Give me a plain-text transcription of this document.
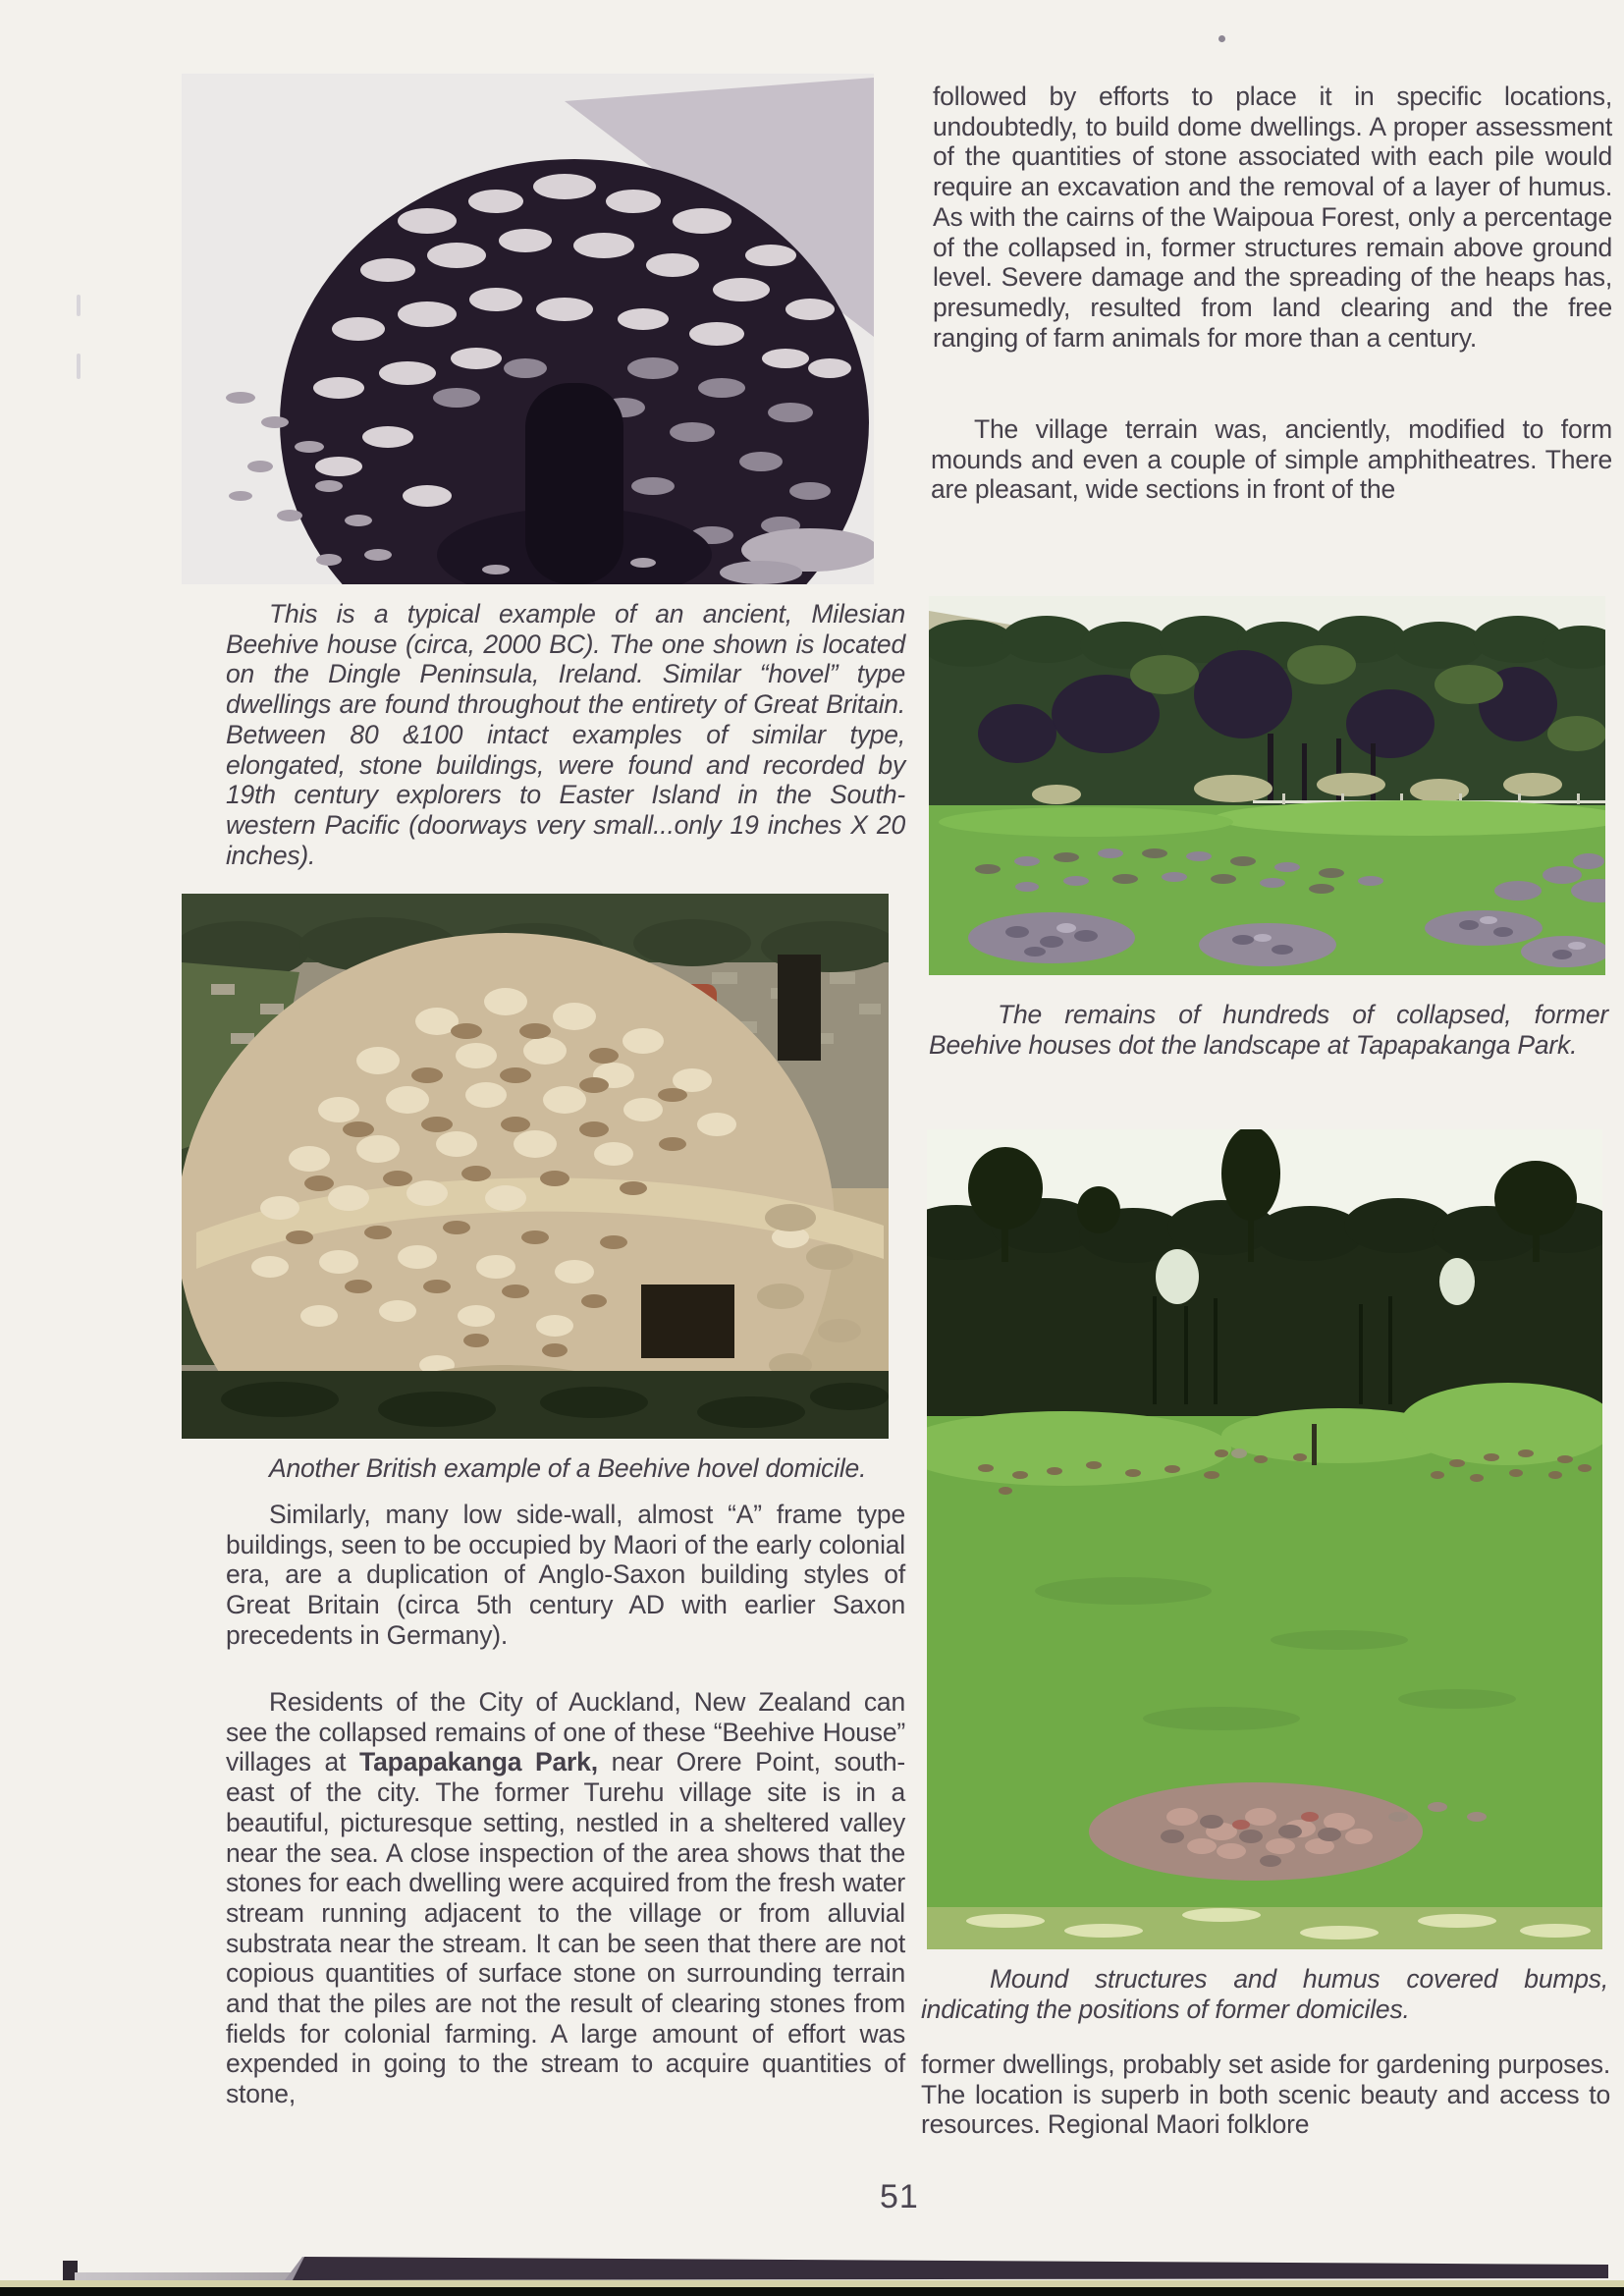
This is a typical example of an ancient, Milesian Beehive house (circa, 2000 BC). The one shown is located on the Dingle Peninsula, Ireland. Similar “hovel” type dwellings are found throughout the entirety of Great Britain. Between 80 &100 intact examples of similar type, elongated, stone buildings, were found and recorded by 19th century explorers to Easter Island in the South-western Pacific (doorways very small...only 19 inches X 20 inches).

Another British example of a Beehive hovel domicile.

Similarly, many low side-wall, almost “A” frame type buildings, seen to be occupied by Maori of the early colonial era, are a duplication of Anglo-Saxon building styles of Great Britain (circa 5th century AD with earlier Saxon precedents in Germany).

Residents of the City of Auckland, New Zealand can see the collapsed remains of one of these “Beehive House” villages at Tapapakanga Park, near Orere Point, south-east of the city. The former Turehu village site is in a beautiful, picturesque setting, nestled in a sheltered valley near the sea. A close inspection of the area shows that the stones for each dwelling were acquired from the fresh water stream running adjacent to the village or from alluvial substrata near the stream. It can be seen that there are not copious quantities of surface stone on surrounding terrain and that the piles are not the result of clearing stones from fields for colonial farming. A large amount of effort was expended in going to the stream to acquire quantities of stone,

followed by efforts to place it in specific locations, undoubtedly, to build dome dwellings. A proper assessment of the quantities of stone associated with each pile would require an excavation and the removal of a layer of humus. As with the cairns of the Waipoua Forest, only a percentage of the collapsed in, former structures remain above ground level. Severe damage and the spreading of the heaps has, presumedly, resulted from land clearing and the free ranging of farm animals for more than a century.

The village terrain was, anciently, modified to form mounds and even a couple of simple amphitheatres. There are pleasant, wide sections in front of the

The remains of hundreds of collapsed, former Beehive houses dot the landscape at Tapapakanga Park.

Mound structures and humus covered bumps, indicating the positions of former domiciles.

former dwellings, probably set aside for gardening purposes. The location is superb in both scenic beauty and access to resources. Regional Maori folklore

51
